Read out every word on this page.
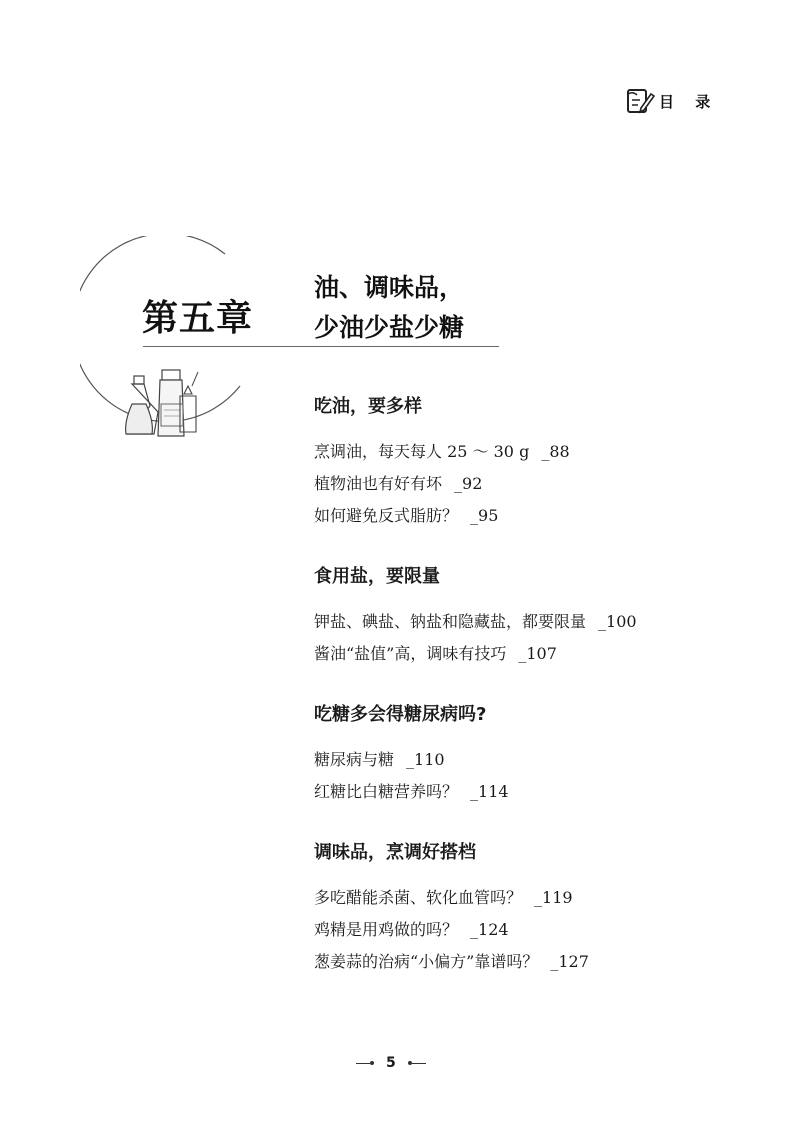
目 录
第五章
油、调味品，
少油少盐少糖
吃油，要多样
烹调油，每天每人 25 ～ 30 g _88
植物油也有好有坏 _92
如何避免反式脂肪？ _95
食用盐，要限量
钾盐、碘盐、钠盐和隐藏盐，都要限量 _100
酱油“盐值”高，调味有技巧 _107
吃糖多会得糖尿病吗?
糖尿病与糖 _110
红糖比白糖营养吗？ _114
调味品，烹调好搭档
多吃醋能杀菌、软化血管吗？ _119
鸡精是用鸡做的吗？ _124
葱姜蒜的治病“小偏方”靠谱吗？ _127
5
